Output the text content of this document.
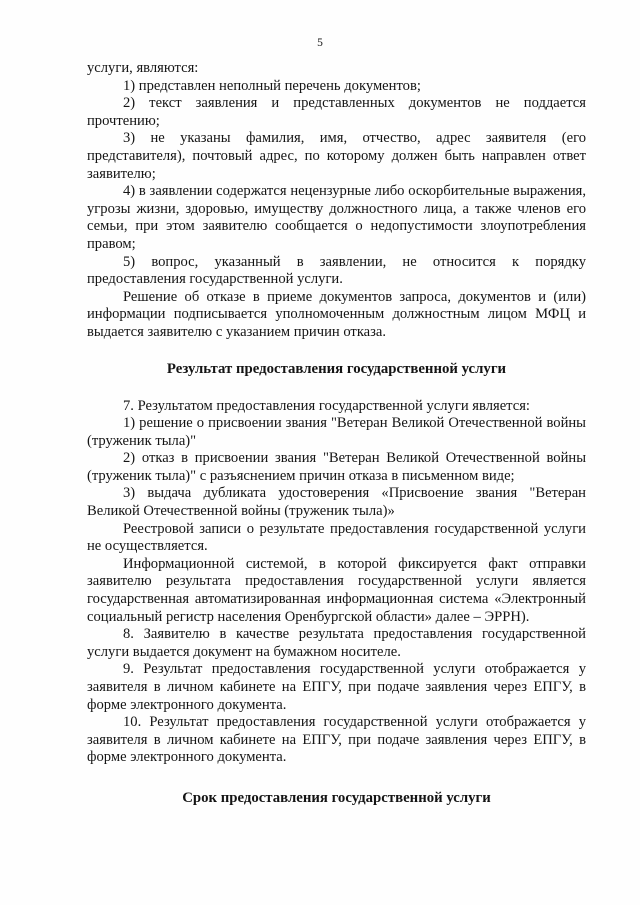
5

услуги, являются:

1) представлен неполный перечень документов;

2) текст заявления и представленных документов не поддается прочтению;

3) не указаны фамилия, имя, отчество, адрес заявителя (его представителя), почтовый адрес, по которому должен быть направлен ответ заявителю;

4) в заявлении содержатся нецензурные либо оскорбительные выражения, угрозы жизни, здоровью, имуществу должностного лица, а также членов его семьи, при этом заявителю сообщается о недопустимости злоупотребления правом;

5) вопрос, указанный в заявлении, не относится к порядку предоставления государственной услуги.

Решение об отказе в приеме документов запроса, документов и (или) информации подписывается уполномоченным должностным лицом МФЦ и выдается заявителю с указанием причин отказа.

Результат предоставления государственной услуги

7. Результатом предоставления государственной услуги является:

1) решение о присвоении звания "Ветеран Великой Отечественной войны (труженик тыла)"

2) отказ в присвоении звания "Ветеран Великой Отечественной войны (труженик тыла)" с разъяснением причин отказа в письменном виде;

3) выдача дубликата удостоверения «Присвоение звания "Ветеран Великой Отечественной войны (труженик тыла)»

Реестровой записи о результате предоставления государственной услуги не осуществляется.

Информационной системой, в которой фиксируется факт отправки заявителю результата предоставления государственной услуги является государственная автоматизированная информационная система «Электронный социальный регистр населения Оренбургской области» далее – ЭРРН).

8. Заявителю в качестве результата предоставления государственной услуги выдается документ на бумажном носителе.

9. Результат предоставления государственной услуги отображается у заявителя в личном кабинете на ЕПГУ, при подаче заявления через ЕПГУ, в форме электронного документа.

10. Результат предоставления государственной услуги отображается у заявителя в личном кабинете на ЕПГУ, при подаче заявления через ЕПГУ, в форме электронного документа.

Срок предоставления государственной услуги
